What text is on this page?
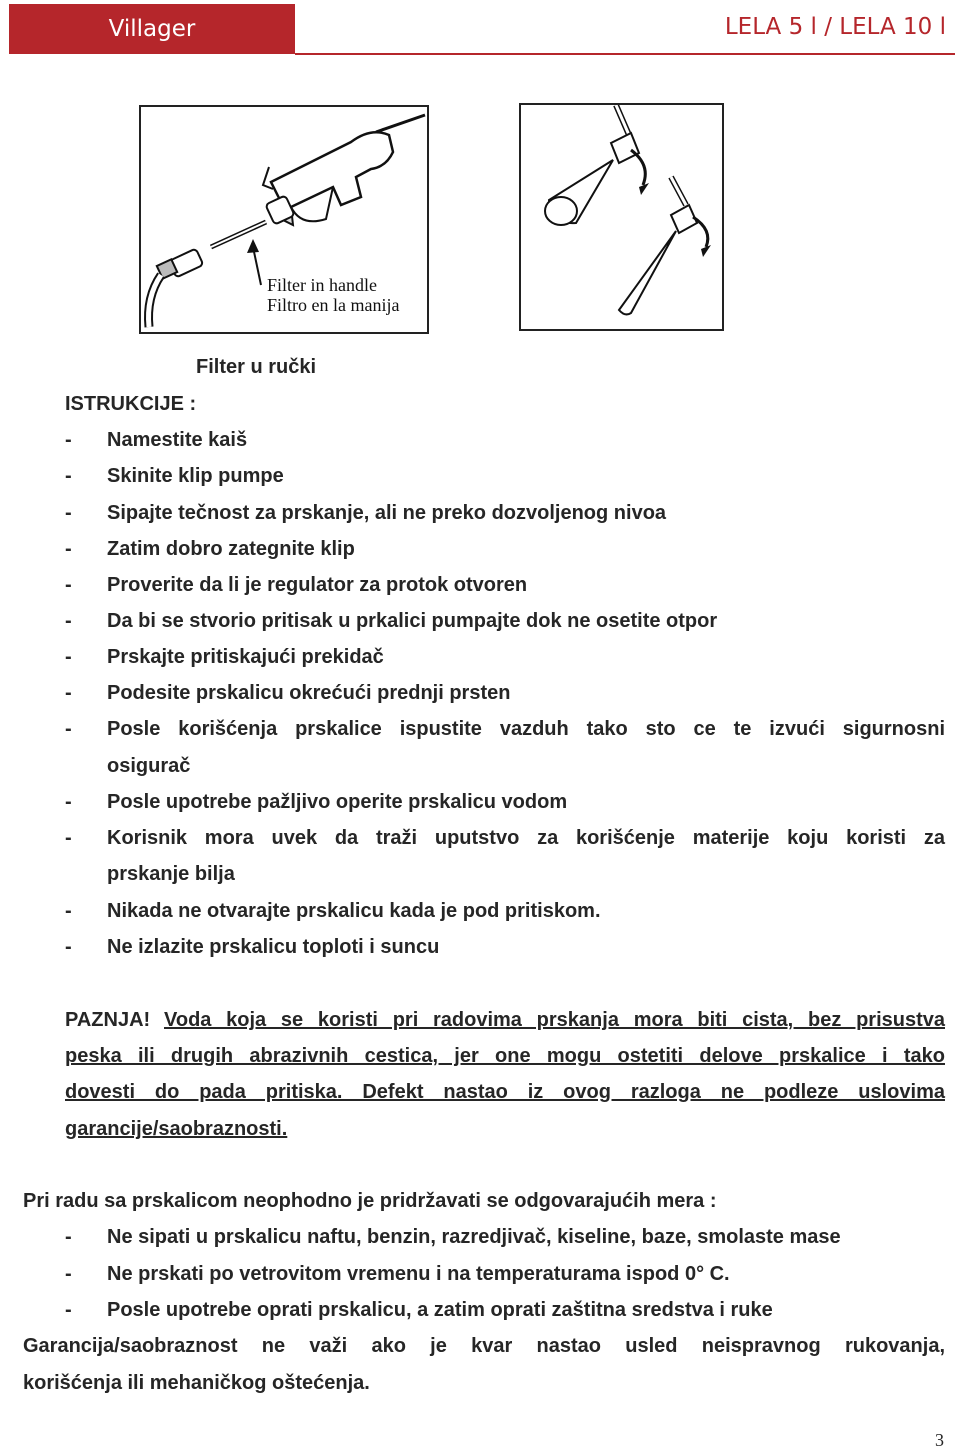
Villager	LELA 5 l / LELA 10 l
Filter in handle
Filtro en la manija
Filter u ručki
ISTRUKCIJE :
- Namestite kaiš
- Skinite klip pumpe
- Sipajte tečnost za prskanje, ali ne preko dozvoljenog nivoa
- Zatim dobro zategnite klip
- Proverite da li je regulator za protok otvoren
- Da bi se stvorio pritisak u prkalici pumpajte dok ne osetite otpor
- Prskajte pritiskajući prekidač
- Podesite prskalicu okrećući prednji prsten
- Posle korišćenja prskalice ispustite vazduh tako sto ce te izvući sigurnosni
osigurač
- Posle upotrebe pažljivo operite prskalicu vodom
- Korisnik mora uvek da traži uputstvo za korišćenje materije koju koristi za
prskanje bilja
- Nikada ne otvarajte prskalicu kada je pod pritiskom.
- Ne izlazite prskalicu toploti i suncu
PAZNJA! Voda koja se koristi pri radovima prskanja mora biti cista, bez prisustva
peska ili drugih abrazivnih cestica, jer one mogu ostetiti delove prskalice i tako
dovesti do pada pritiska. Defekt nastao iz ovog razloga ne podleze uslovima
garancije/saobraznosti.
Pri radu sa prskalicom neophodno je pridržavati se odgovarajućih mera :
- Ne sipati u prskalicu naftu, benzin, razredjivač, kiseline, baze, smolaste mase
- Ne prskati po vetrovitom vremenu i na temperaturama ispod 0° C.
- Posle upotrebe oprati prskalicu, a zatim oprati zaštitna sredstva i ruke
Garancija/saobraznost ne važi ako je kvar nastao usled neispravnog rukovanja,
korišćenja ili mehaničkog oštećenja.
3
